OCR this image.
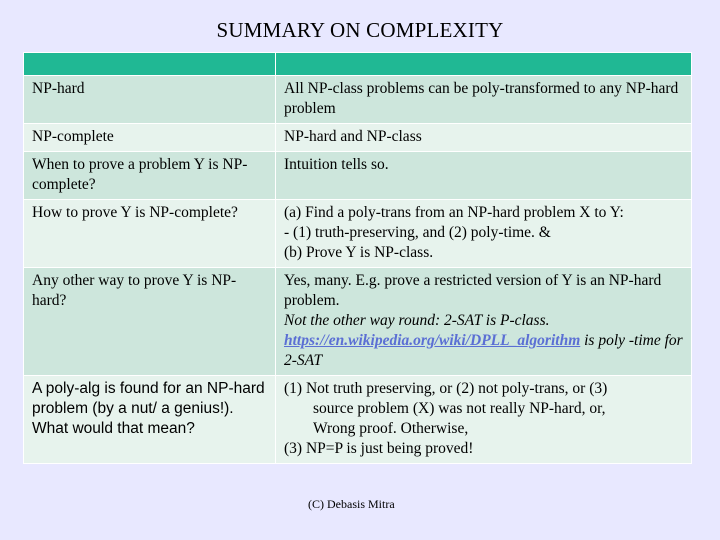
SUMMARY ON COMPLEXITY

NP-hard	All NP-class problems can be poly-transformed to any NP-hard problem
NP-complete	NP-hard and NP-class
When to prove a problem Y is NP-complete?	Intuition tells so.
How to prove Y is NP-complete?	(a) Find a poly-trans from an NP-hard problem X to Y:
- (1) truth-preserving, and (2) poly-time. &
(b) Prove Y is NP-class.

Any other way to prove Y is NP-hard?	Yes, many. E.g. prove a restricted version of Y is an NP-hard problem.
Not the other way round: 2-SAT is P-class.
https://en.wikipedia.org/wiki/DPLL_algorithm is poly -time for 2-SAT
A poly-alg is found for an NP-hard problem (by a nut/ a genius!). What would that mean?	(1) Not truth preserving, or (2) not poly-trans, or (3)
source problem (X) was not really NP-hard, or,
Wrong proof. Otherwise,
(3) NP=P is just being proved!
(C) Debasis Mitra
